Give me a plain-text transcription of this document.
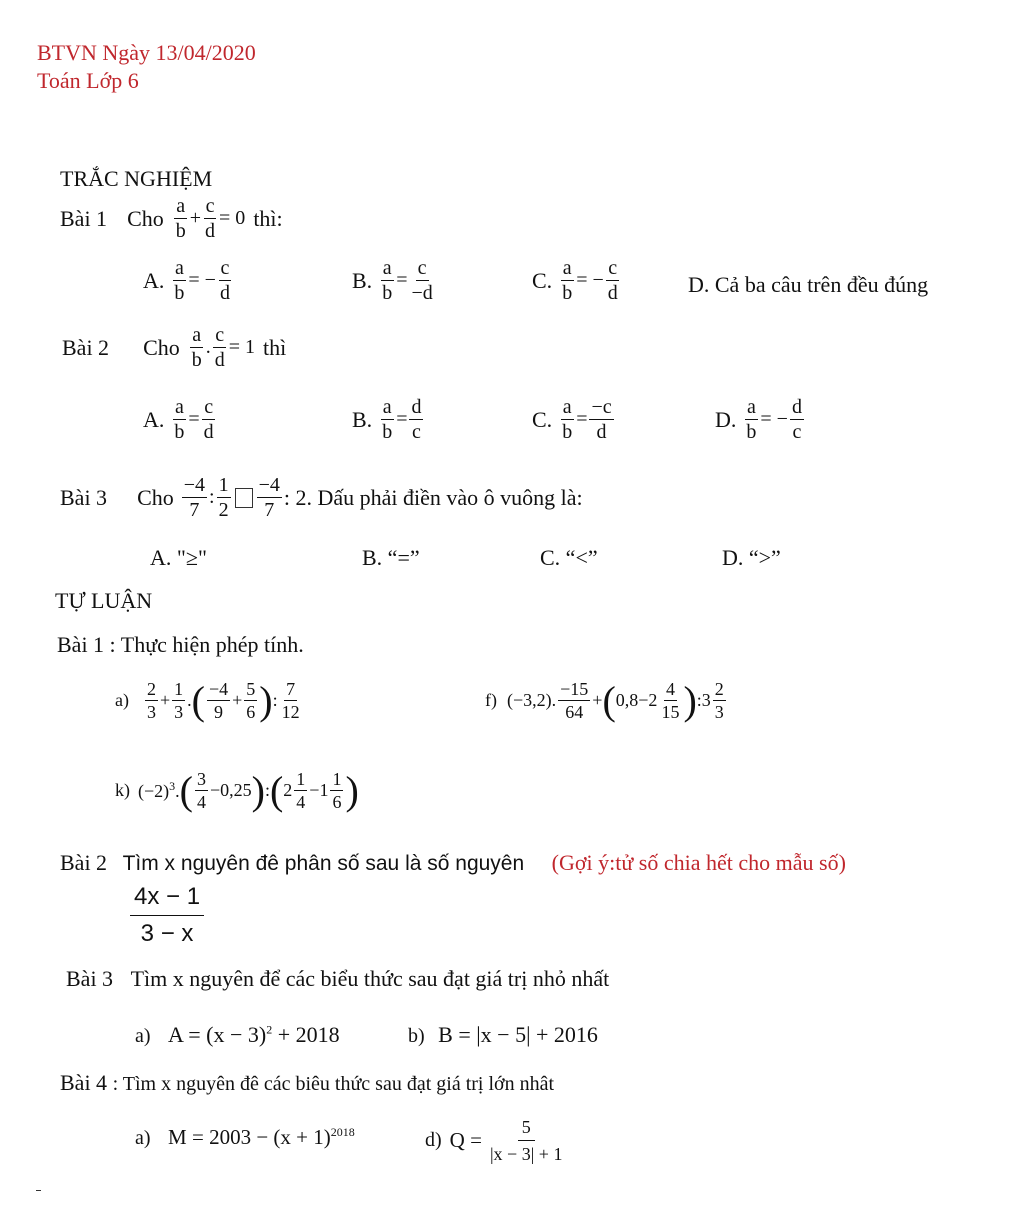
BTVN Ngày 13/04/2020
Toán Lớp 6
TRẮC NGHIỆM
Bài 1 Cho $\frac{a}{b} + \frac{c}{d} = 0$ thì:
A. $\frac{a}{b}$ = − $\frac{c}{d}$	B. $\frac{a}{b} = \frac{c}{-d}$	C. $\frac{a}{b}$ = − $\frac{c}{d}$	D. Cả ba câu trên đều đúng
Bài 2 Cho $\frac{a}{b}$ . $\frac{c}{d} = 1$ thì
A. $\frac{a}{b} = \frac{c}{d}$	B. $\frac{a}{b} = \frac{d}{c}$	C. $\frac{a}{b} = \frac{-c}{d}$	D. $\frac{a}{b}$ = − $\frac{d}{c}$
Bài 3 Cho $\frac{-4}{7}$ : $\frac{1}{2} \frac{-4}{7}$ : 2. Dấu phải điền vào ô vuông là:
A. "≥"	B. “=”	C. “<”	D. “>”
TỰ LUẬN
Bài 1 : Thực hiện phép tính.
$a) \frac{2}{3} + \frac{1}{3}$ . ( $\frac{-4}{9} + \frac{5}{6}$ ) : $\frac{7}{12}$	f) (−3,2). $\frac{-15}{64}$ + ( $0,8-2 \frac{4}{15}$ ) :3 $\frac{2}{3}$
k) $(-2)^3$. ( $\frac{3}{4} -0,25$ ) : ( $2 \frac{1}{4} -1 \frac{1}{6}$ )
Bài 2 Tìm x nguyên đê phân số sau là số nguyên (Gợi ý:tử số chia hết cho mẫu số)
$\frac{4x - 1}{3 - x}$
Bài 3 Tìm x nguyên để các biểu thức sau đạt giá trị nhỏ nhất
a) $A = (x - 3)^2 + 2018$	b) B = |x − 5| + 2016
Bài 4 : Tìm x nguyên đê các biêu thức sau đạt giá trị lớn nhât
a) $M = 2003 - (x + 1)^{2018}$	d) $Q = \frac{5}{|x - 3| + 1}$
